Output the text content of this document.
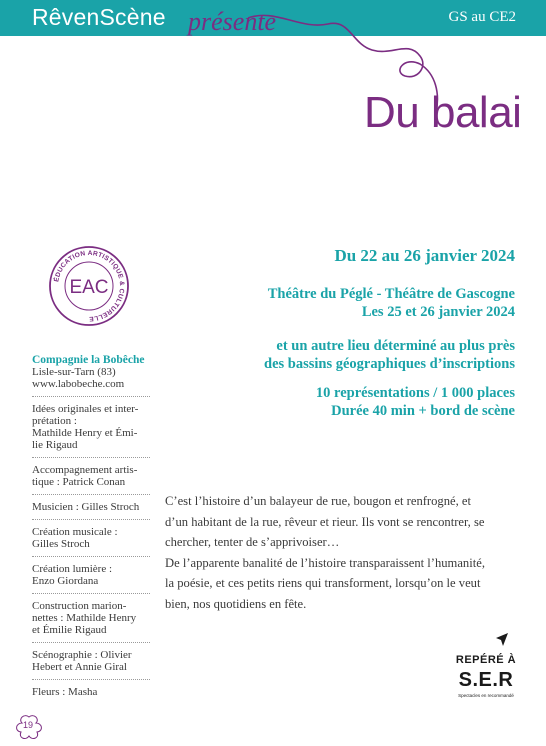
RêvenScène présente	GS au CE2
Du balai
ÉDUCATION ARTISTIQUE & CULTURELLE
EAC
Du 22 au 26 janvier 2024
Théâtre du Péglé - Théâtre de Gascogne
Les 25 et 26 janvier 2024
et un autre lieu déterminé au plus près
des bassins géographiques d’inscriptions
10 représentations / 1 000 places
Durée 40 min + bord de scène
Compagnie la Bobêche
Lisle-sur-Tarn (83)
www.labobeche.com
Idées originales et inter-
prétation :
Mathilde Henry et Émi-
lie Rigaud
Accompagnement artis-
tique : Patrick Conan
Musicien : Gilles Stroch
Création musicale :
Gilles Stroch
Création lumière :
Enzo Giordana
Construction marion-
nettes : Mathilde Henry
et Émilie Rigaud
Scénographie : Olivier
Hebert et Annie Giral
Fleurs : Masha

C’est l’histoire d’un balayeur de rue, bougon et renfrogné, et

d’un habitant de la rue, rêveur et rieur. Ils vont se rencontrer, se

chercher, tenter de s’apprivoiser…

De l’apparente banalité de l’histoire transparaissent l’humanité,

la poésie, et ces petits riens qui transforment, lorsqu’on le veut

bien, nos quotidiens en fête.

REPÉRÉ À
S.E.R
Spectacles en recommandé
19
